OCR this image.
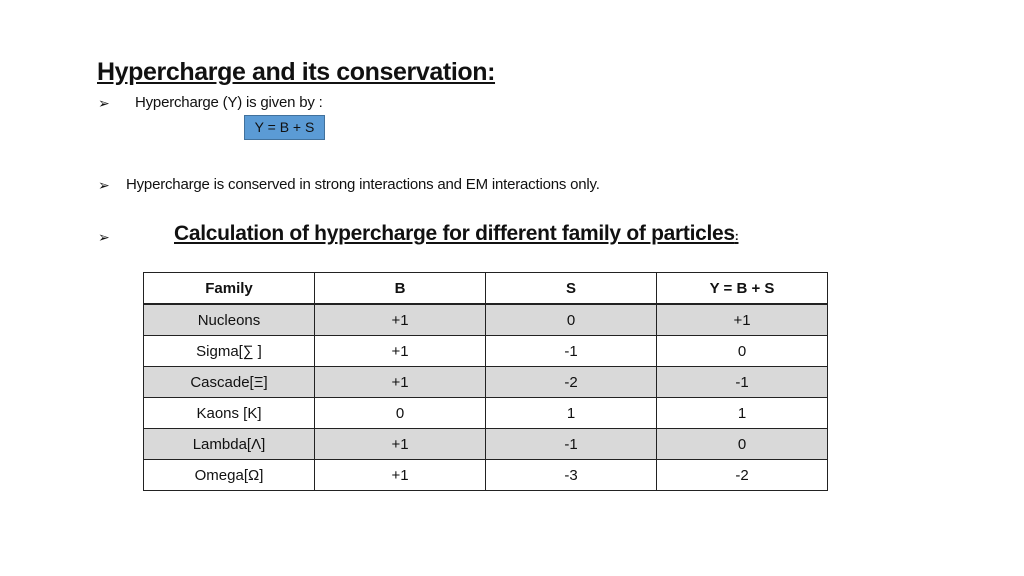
Hypercharge and its conservation:
➢ Hypercharge (Y) is given by :
Y = B + S
➢ Hypercharge is conserved in strong interactions and EM interactions only.
➢	Calculation of hypercharge for different family of particles:
Family	B	S	Y = B + S
Nucleons	+1	0	+1
Sigma[∑ ]	+1	-1	0
Cascade[Ξ]	+1	-2	-1
Kaons [K]	0	1	1
Lambda[Λ]	+1	-1	0
Omega[Ω]	+1	-3	-2
